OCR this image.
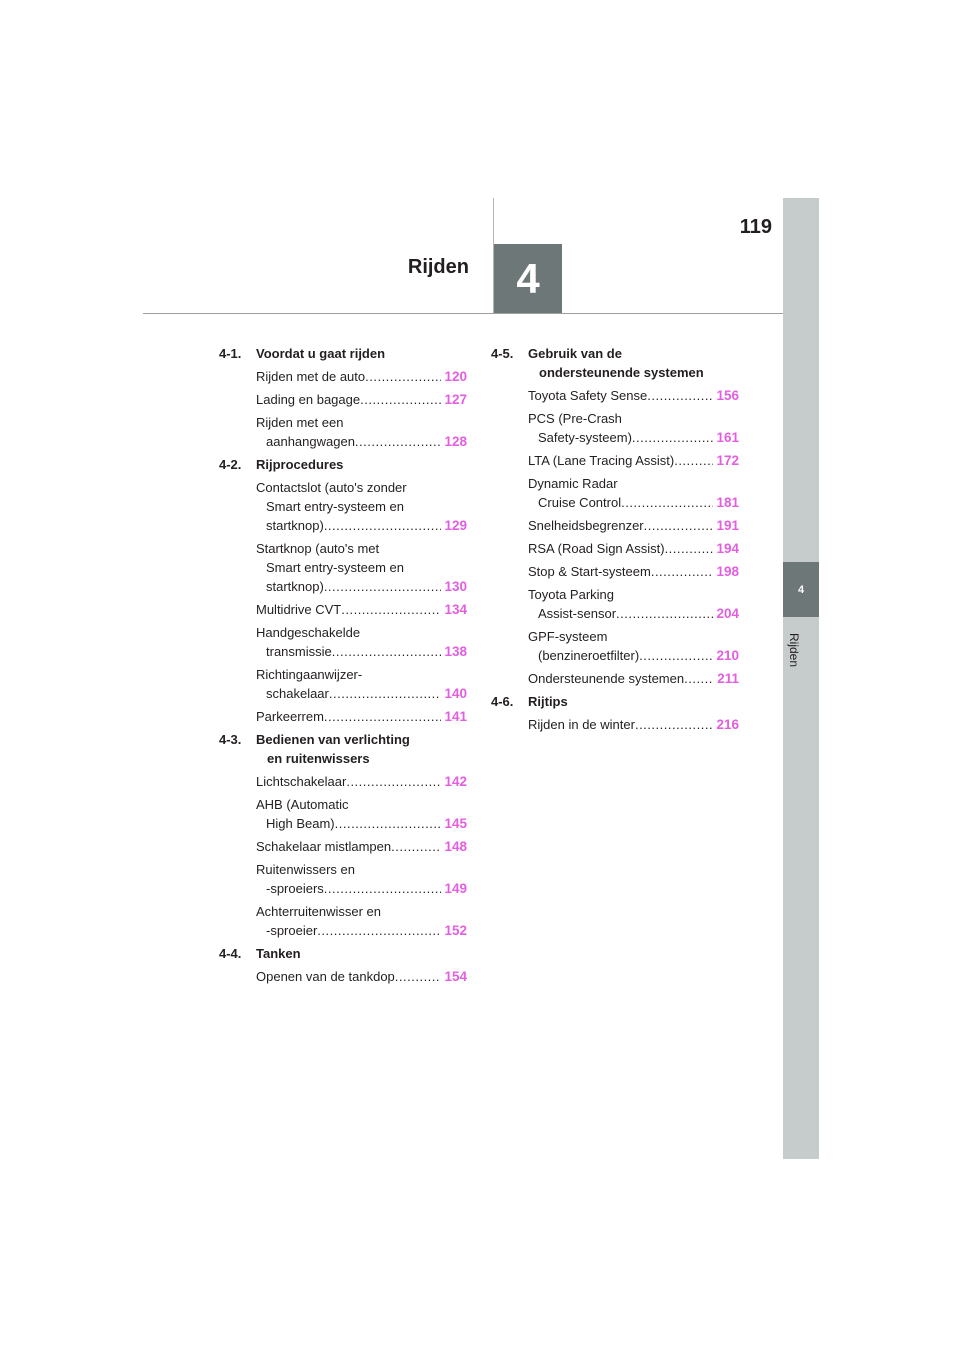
4
Rijden
119
4
Rijden
4-1. Voordat u gaat rijden
Rijden met de auto .....	120
Lading en bagage .....	127
Rijden met een
aanhangwagen .....	128
4-2. Rijprocedures
Contactslot (auto's zonder
Smart entry-systeem en
startknop) .....	129
Startknop (auto's met
Smart entry-systeem en
startknop) .....	130
Multidrive CVT .....	134
Handgeschakelde
transmissie .....	138
Richtingaanwijzer-
schakelaar .....	140
Parkeerrem .....	141
4-3. Bedienen van verlichting

en ruitenwissers
Lichtschakelaar .....	142
AHB (Automatic
High Beam) .....	145
Schakelaar mistlampen .....	148
Ruitenwissers en
-sproeiers .....	149
Achterruitenwisser en
-sproeier .....	152
4-4. Tanken
Openen van de tankdop .....	154
4-5. Gebruik van de

ondersteunende systemen
Toyota Safety Sense .....	156
PCS (Pre-Crash
Safety-systeem) .....	161
LTA (Lane Tracing Assist) .....	172
Dynamic Radar
Cruise Control .....	181
Snelheidsbegrenzer .....	191
RSA (Road Sign Assist) .....	194
Stop & Start-systeem .....	198
Toyota Parking
Assist-sensor .....	204
GPF-systeem
(benzineroetfilter) .....	210
Ondersteunende systemen ..... 211
4-6. Rijtips
Rijden in de winter .....	216
